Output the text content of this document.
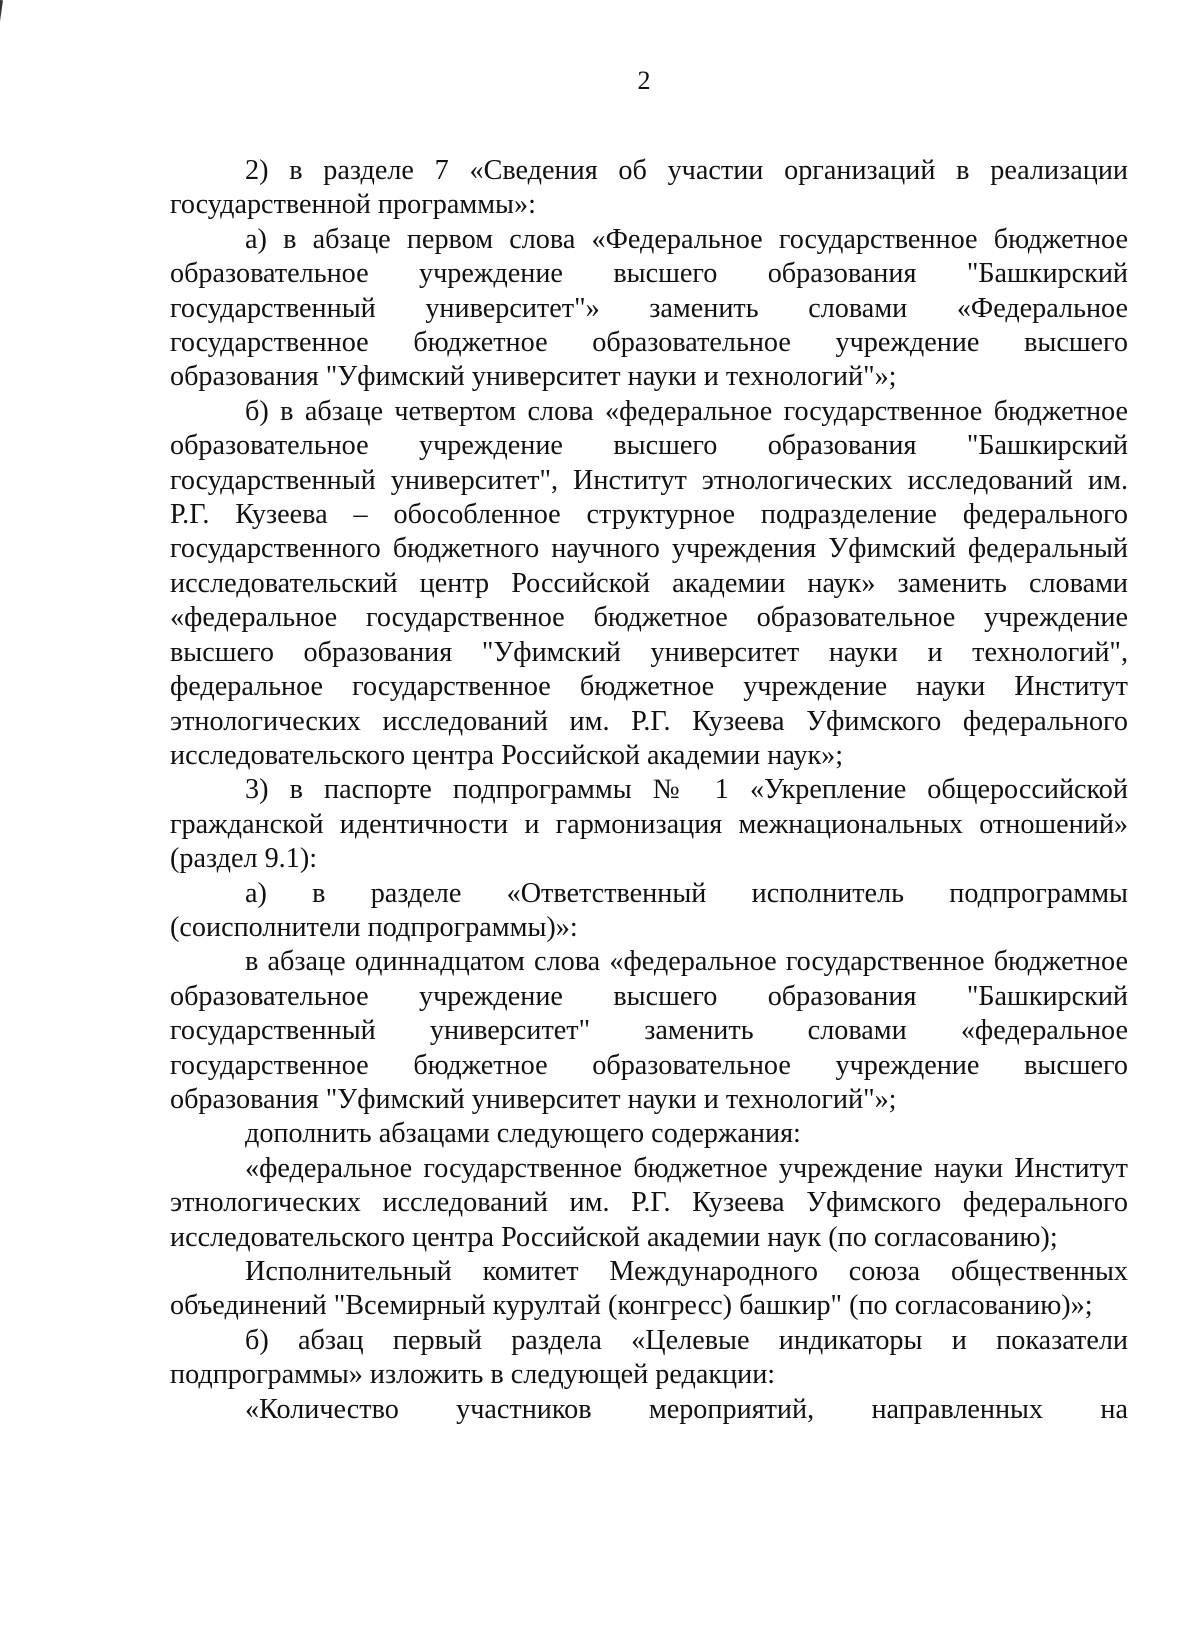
2

2) в разделе 7 «Сведения об участии организаций в реализации государственной программы»:

а) в абзаце первом слова «Федеральное государственное бюджетное образовательное учреждение высшего образования "Башкирский государственный университет"» заменить словами «Федеральное государственное бюджетное образовательное учреждение высшего образования "Уфимский университет науки и технологий"»;

б) в абзаце четвертом слова «федеральное государственное бюджетное образовательное учреждение высшего образования "Башкирский государственный университет", Институт этнологических исследований им. Р.Г. Кузеева – обособленное структурное подразделение федерального государственного бюджетного научного учреждения Уфимский федеральный исследовательский центр Российской академии наук» заменить словами «федеральное государственное бюджетное образовательное учреждение высшего образования "Уфимский университет науки и технологий", федеральное государственное бюджетное учреждение науки Институт этнологических исследований им. Р.Г. Кузеева Уфимского федерального исследовательского центра Российской академии наук»;

3) в паспорте подпрограммы № 1 «Укрепление общероссийской гражданской идентичности и гармонизация межнациональных отношений» (раздел 9.1):

а) в разделе «Ответственный исполнитель подпрограммы (соисполнители подпрограммы)»:

в абзаце одиннадцатом слова «федеральное государственное бюджетное образовательное учреждение высшего образования "Башкирский государственный университет" заменить словами «федеральное государственное бюджетное образовательное учреждение высшего образования "Уфимский университет науки и технологий"»;

дополнить абзацами следующего содержания:

«федеральное государственное бюджетное учреждение науки Институт этнологических исследований им. Р.Г. Кузеева Уфимского федерального исследовательского центра Российской академии наук (по согласованию);

Исполнительный комитет Международного союза общественных объединений "Всемирный курултай (конгресс) башкир" (по согласованию)»;

б) абзац первый раздела «Целевые индикаторы и показатели подпрограммы» изложить в следующей редакции:

«Количество участников мероприятий, направленных на
